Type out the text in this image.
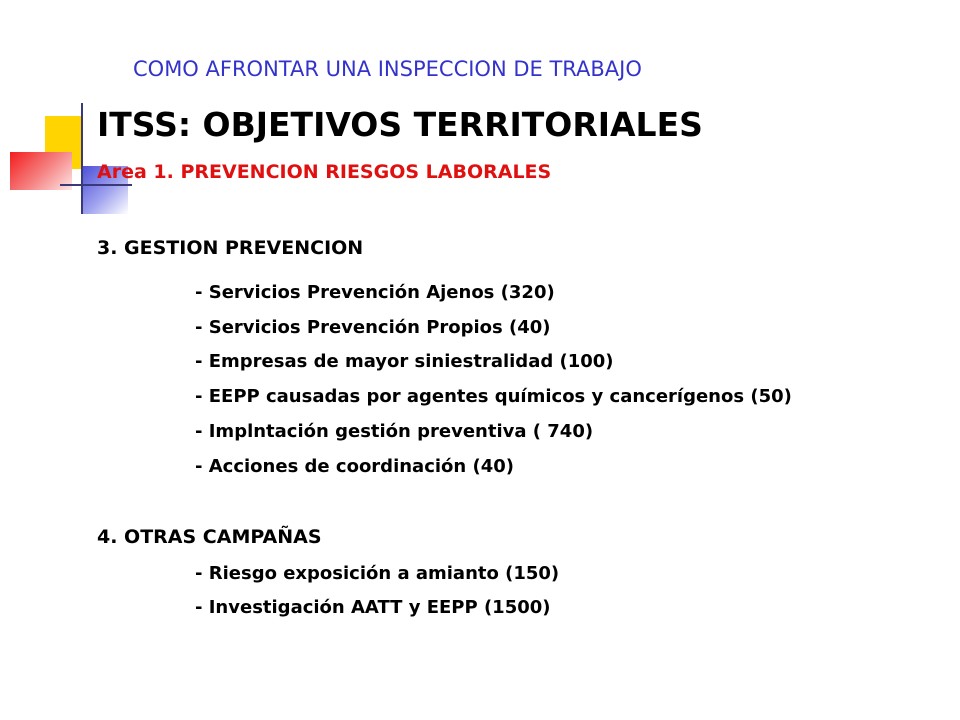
COMO AFRONTAR UNA INSPECCION DE TRABAJO
ITSS: OBJETIVOS TERRITORIALES
Area 1. PREVENCION RIESGOS LABORALES
3. GESTION PREVENCION
- Servicios Prevención Ajenos (320)
- Servicios Prevención Propios (40)
- Empresas de mayor siniestralidad (100)
- EEPP causadas por agentes químicos y cancerígenos (50)
- Implntación gestión preventiva ( 740)
- Acciones de coordinación (40)
4. OTRAS CAMPAÑAS
- Riesgo exposición a amianto (150)
- Investigación AATT y EEPP (1500)
